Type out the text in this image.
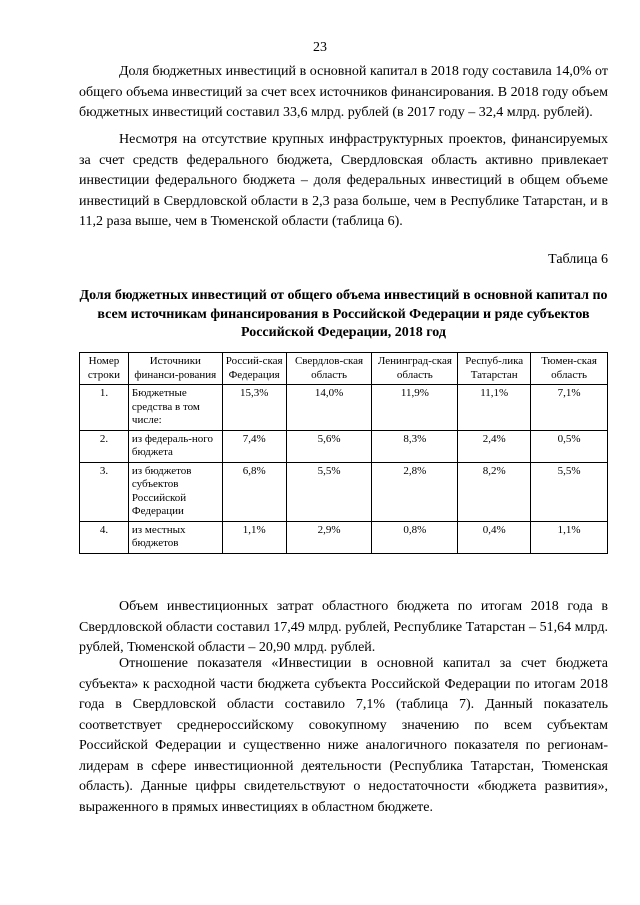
23

Доля бюджетных инвестиций в основной капитал в 2018 году составила 14,0% от общего объема инвестиций за счет всех источников финансирования. В 2018 году объем бюджетных инвестиций составил 33,6 млрд. рублей (в 2017 году – 32,4 млрд. рублей).

Несмотря на отсутствие крупных инфраструктурных проектов, финансируемых за счет средств федерального бюджета, Свердловская область активно привлекает инвестиции федерального бюджета – доля федеральных инвестиций в общем объеме инвестиций в Свердловской области в 2,3 раза больше, чем в Республике Татарстан, и в 11,2 раза выше, чем в Тюменской области (таблица 6).

Таблица 6
Доля бюджетных инвестиций от общего объема инвестиций в основной капитал по всем источникам финансирования в Российской Федерации и ряде субъектов Российской Федерации, 2018 год
Номер строки	Источники финанси-рования	Россий-ская Федерация	Свердлов-ская область	Ленинград-ская область	Респуб-лика Татарстан	Тюмен-ская область
1.	Бюджетные средства в том числе:	15,3%	14,0%	11,9%	11,1%	7,1%
2.	из федераль-ного бюджета	7,4%	5,6%	8,3%	2,4%	0,5%
3.	из бюджетов субъектов Российской Федерации	6,8%	5,5%	2,8%	8,2%	5,5%
4.	из местных бюджетов	1,1%	2,9%	0,8%	0,4%	1,1%

Объем инвестиционных затрат областного бюджета по итогам 2018 года в Свердловской области составил 17,49 млрд. рублей, Республике Татарстан – 51,64 млрд. рублей, Тюменской области – 20,90 млрд. рублей.

Отношение показателя «Инвестиции в основной капитал за счет бюджета субъекта» к расходной части бюджета субъекта Российской Федерации по итогам 2018 года в Свердловской области составило 7,1% (таблица 7). Данный показатель соответствует среднероссийскому совокупному значению по всем субъектам Российской Федерации и существенно ниже аналогичного показателя по регионам-лидерам в сфере инвестиционной деятельности (Республика Татарстан, Тюменская область). Данные цифры свидетельствуют о недостаточности «бюджета развития», выраженного в прямых инвестициях в областном бюджете.
